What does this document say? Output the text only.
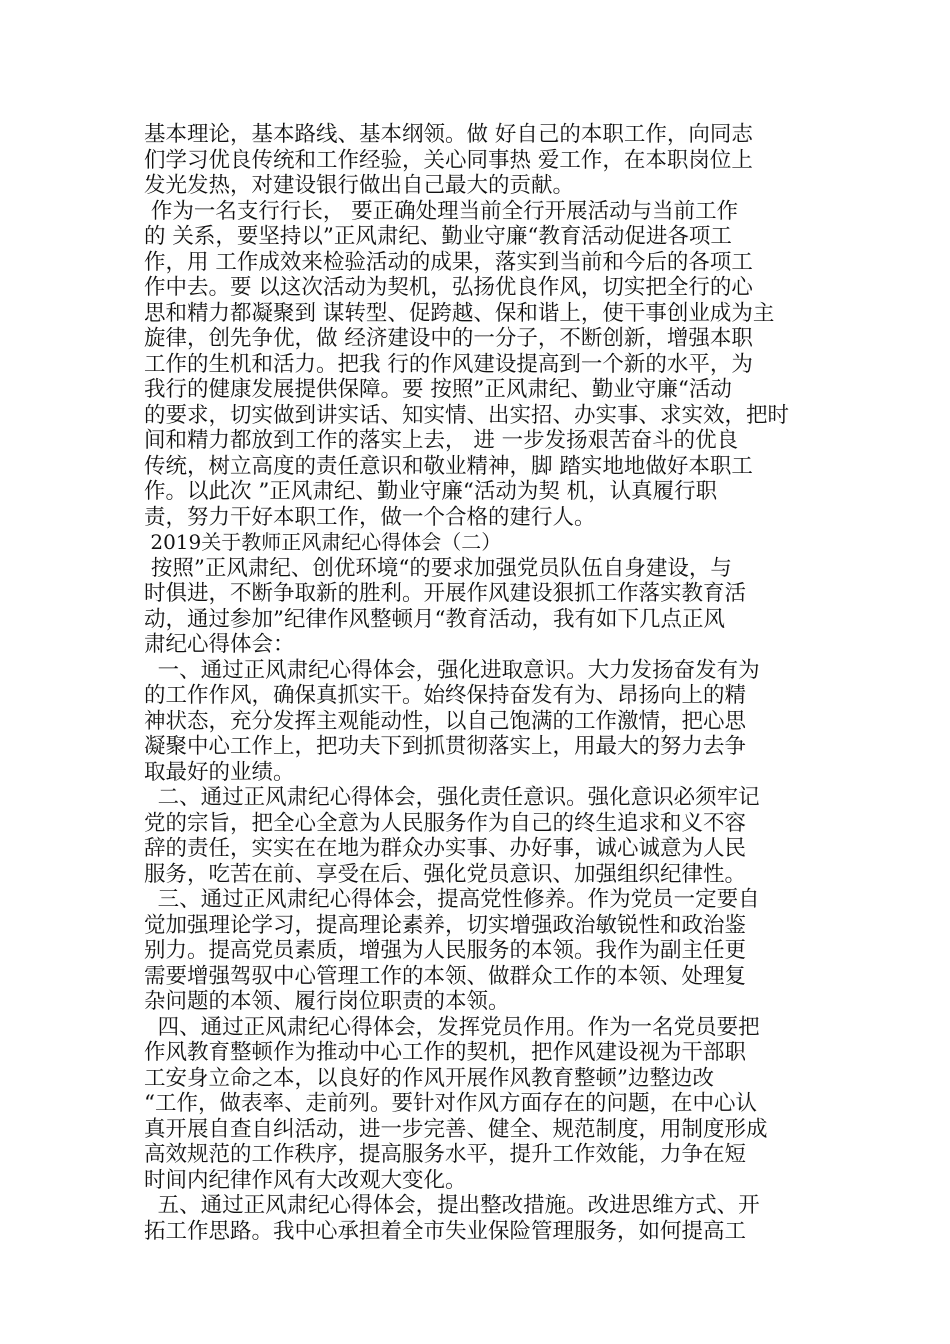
基本理论，基本路线、基本纲领。做 好自己的本职工作，向同志
们学习优良传统和工作经验，关心同事热 爱工作，在本职岗位上
发光发热，对建设银行做出自己最大的贡献。
作为一名支行行长， 要正确处理当前全行开展活动与当前工作
的 关系，要坚持以”正风肃纪、勤业守廉“教育活动促进各项工
作，用 工作成效来检验活动的成果，落实到当前和今后的各项工
作中去。要 以这次活动为契机，弘扬优良作风，切实把全行的心
思和精力都凝聚到 谋转型、促跨越、保和谐上，使干事创业成为主
旋律，创先争优，做 经济建设中的一分子，不断创新，增强本职
工作的生机和活力。把我 行的作风建设提高到一个新的水平，为
我行的健康发展提供保障。要 按照”正风肃纪、勤业守廉“活动
的要求，切实做到讲实话、知实情、出实招、办实事、求实效，把时
间和精力都放到工作的落实上去， 进 一步发扬艰苦奋斗的优良
传统，树立高度的责任意识和敬业精神，脚 踏实地地做好本职工
作。以此次 ”正风肃纪、勤业守廉“活动为契 机，认真履行职
责，努力干好本职工作，做一个合格的建行人。
2019关于教师正风肃纪心得体会（二）
按照”正风肃纪、创优环境“的要求加强党员队伍自身建设，与
时俱进，不断争取新的胜利。开展作风建设狠抓工作落实教育活
动，通过参加”纪律作风整顿月“教育活动，我有如下几点正风
肃纪心得体会：
一、通过正风肃纪心得体会，强化进取意识。大力发扬奋发有为
的工作作风，确保真抓实干。始终保持奋发有为、昂扬向上的精
神状态，充分发挥主观能动性，以自己饱满的工作激情，把心思
凝聚中心工作上，把功夫下到抓贯彻落实上，用最大的努力去争
取最好的业绩。
二、通过正风肃纪心得体会，强化责任意识。强化意识必须牢记
党的宗旨，把全心全意为人民服务作为自己的终生追求和义不容
辞的责任，实实在在地为群众办实事、办好事，诚心诚意为人民
服务，吃苦在前、享受在后、强化党员意识、加强组织纪律性。
三、通过正风肃纪心得体会，提高党性修养。作为党员一定要自
觉加强理论学习，提高理论素养，切实增强政治敏锐性和政治鉴
别力。提高党员素质，增强为人民服务的本领。我作为副主任更
需要增强驾驭中心管理工作的本领、做群众工作的本领、处理复
杂问题的本领、履行岗位职责的本领。
四、通过正风肃纪心得体会，发挥党员作用。作为一名党员要把
作风教育整顿作为推动中心工作的契机，把作风建设视为干部职
工安身立命之本，以良好的作风开展作风教育整顿”边整边改
“工作，做表率、走前列。要针对作风方面存在的问题，在中心认
真开展自查自纠活动，进一步完善、健全、规范制度，用制度形成
高效规范的工作秩序，提高服务水平，提升工作效能，力争在短
时间内纪律作风有大改观大变化。
五、通过正风肃纪心得体会，提出整改措施。改进思维方式、开
拓工作思路。我中心承担着全市失业保险管理服务，如何提高工
